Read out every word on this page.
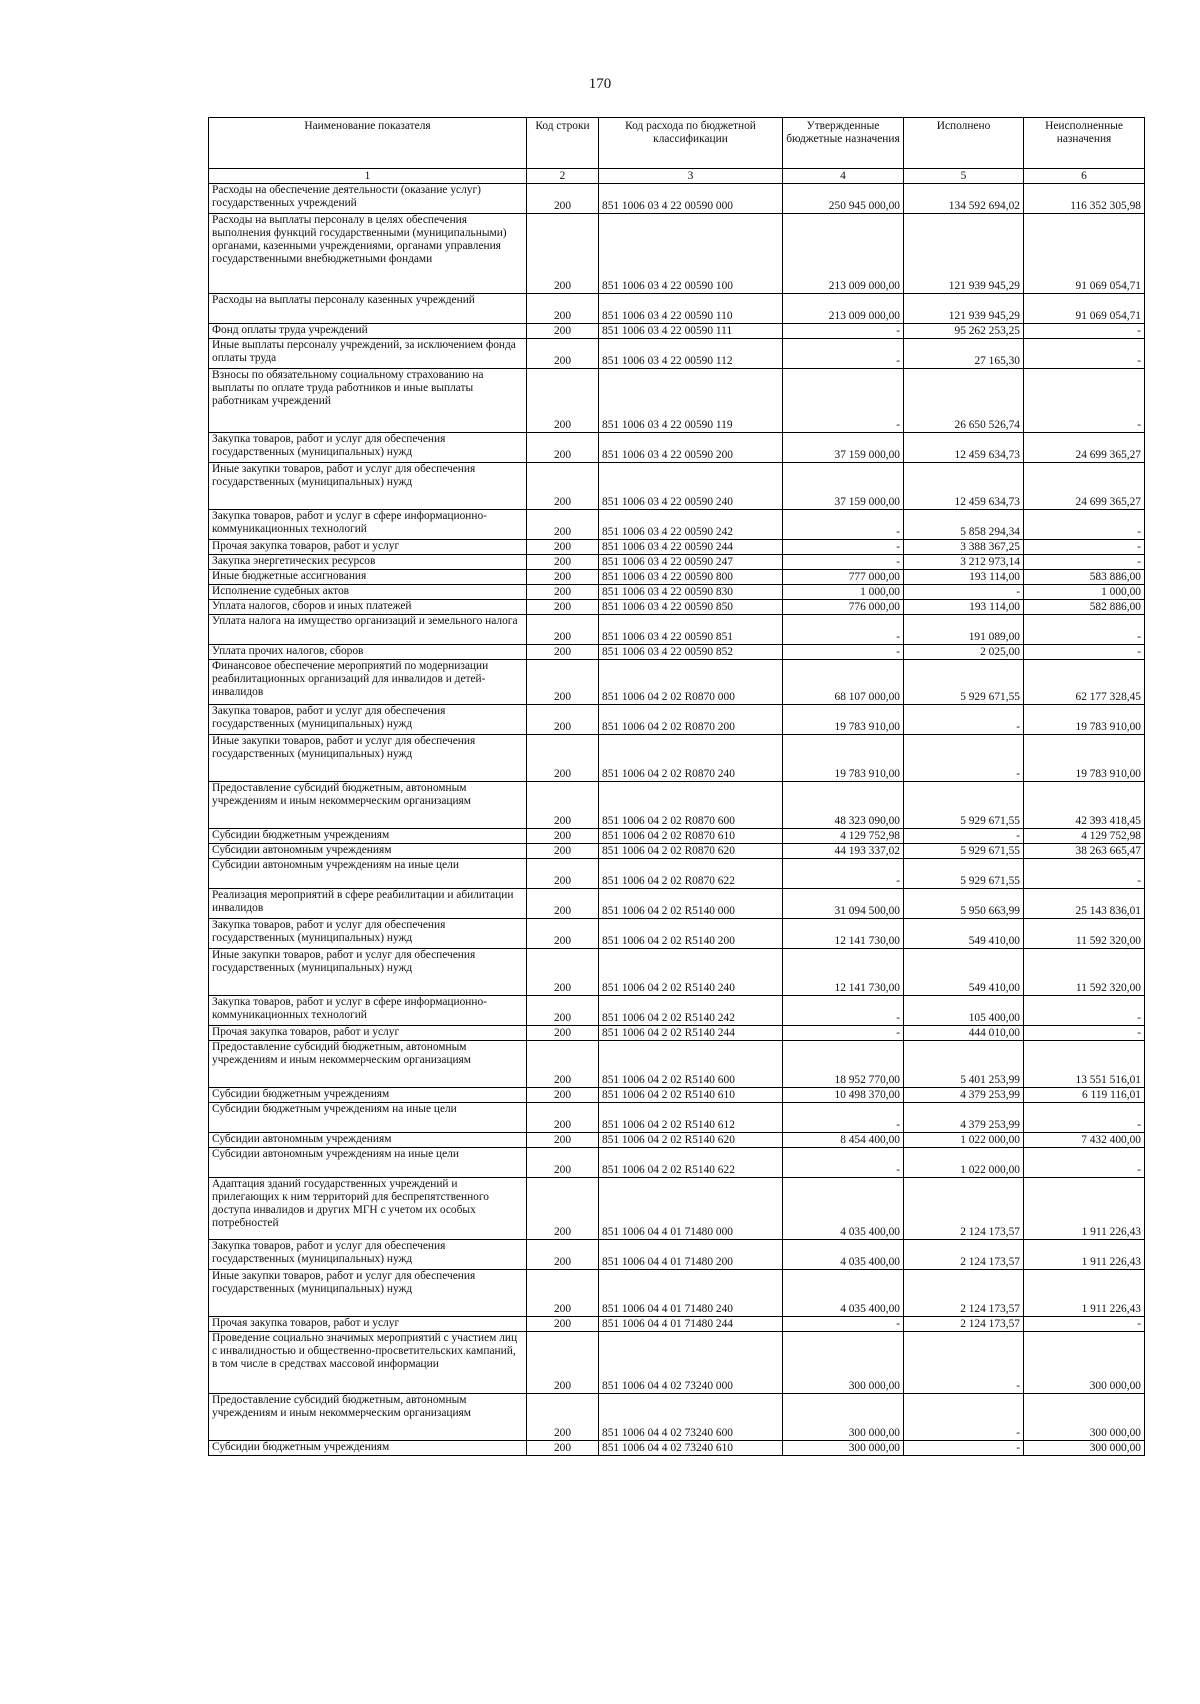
170
Наименование показателя	Код строки	Код расхода по бюджетной классификации	Утвержденные бюджетные назначения	Исполнено	Неисполненные назначения
1	2	3	4	5	6
Расходы на обеспечение деятельности (оказание услуг) государственных учреждений	200	851 1006 03 4 22 00590 000	250 945 000,00	134 592 694,02	116 352 305,98
Расходы на выплаты персоналу в целях обеспечения выполнения функций государственными (муниципальными) органами, казенными учреждениями, органами управления государственными внебюджетными фондами	200	851 1006 03 4 22 00590 100	213 009 000,00	121 939 945,29	91 069 054,71
Расходы на выплаты персоналу казенных учреждений	200	851 1006 03 4 22 00590 110	213 009 000,00	121 939 945,29	91 069 054,71
Фонд оплаты труда учреждений	200	851 1006 03 4 22 00590 111	-	95 262 253,25	-
Иные выплаты персоналу учреждений, за исключением фонда оплаты труда	200	851 1006 03 4 22 00590 112	-	27 165,30	-
Взносы по обязательному социальному страхованию на выплаты по оплате труда работников и иные выплаты работникам учреждений	200	851 1006 03 4 22 00590 119	-	26 650 526,74	-
Закупка товаров, работ и услуг для обеспечения государственных (муниципальных) нужд	200	851 1006 03 4 22 00590 200	37 159 000,00	12 459 634,73	24 699 365,27
Иные закупки товаров, работ и услуг для обеспечения государственных (муниципальных) нужд	200	851 1006 03 4 22 00590 240	37 159 000,00	12 459 634,73	24 699 365,27
Закупка товаров, работ и услуг в сфере информационно-коммуникационных технологий	200	851 1006 03 4 22 00590 242	-	5 858 294,34	-
Прочая закупка товаров, работ и услуг	200	851 1006 03 4 22 00590 244	-	3 388 367,25	-
Закупка энергетических ресурсов	200	851 1006 03 4 22 00590 247	-	3 212 973,14	-
Иные бюджетные ассигнования	200	851 1006 03 4 22 00590 800	777 000,00	193 114,00	583 886,00
Исполнение судебных актов	200	851 1006 03 4 22 00590 830	1 000,00	-	1 000,00
Уплата налогов, сборов и иных платежей	200	851 1006 03 4 22 00590 850	776 000,00	193 114,00	582 886,00
Уплата налога на имущество организаций и земельного налога	200	851 1006 03 4 22 00590 851	-	191 089,00	-
Уплата прочих налогов, сборов	200	851 1006 03 4 22 00590 852	-	2 025,00	-
Финансовое обеспечение мероприятий по модернизации реабилитационных организаций для инвалидов и детей-инвалидов	200	851 1006 04 2 02 R0870 000	68 107 000,00	5 929 671,55	62 177 328,45
Закупка товаров, работ и услуг для обеспечения государственных (муниципальных) нужд	200	851 1006 04 2 02 R0870 200	19 783 910,00	-	19 783 910,00
Иные закупки товаров, работ и услуг для обеспечения государственных (муниципальных) нужд	200	851 1006 04 2 02 R0870 240	19 783 910,00	-	19 783 910,00
Предоставление субсидий бюджетным, автономным учреждениям и иным некоммерческим организациям	200	851 1006 04 2 02 R0870 600	48 323 090,00	5 929 671,55	42 393 418,45
Субсидии бюджетным учреждениям	200	851 1006 04 2 02 R0870 610	4 129 752,98	-	4 129 752,98
Субсидии автономным учреждениям	200	851 1006 04 2 02 R0870 620	44 193 337,02	5 929 671,55	38 263 665,47
Субсидии автономным учреждениям на иные цели	200	851 1006 04 2 02 R0870 622	-	5 929 671,55	-
Реализация мероприятий в сфере реабилитации и абилитации инвалидов	200	851 1006 04 2 02 R5140 000	31 094 500,00	5 950 663,99	25 143 836,01
Закупка товаров, работ и услуг для обеспечения государственных (муниципальных) нужд	200	851 1006 04 2 02 R5140 200	12 141 730,00	549 410,00	11 592 320,00
Иные закупки товаров, работ и услуг для обеспечения государственных (муниципальных) нужд	200	851 1006 04 2 02 R5140 240	12 141 730,00	549 410,00	11 592 320,00
Закупка товаров, работ и услуг в сфере информационно-коммуникационных технологий	200	851 1006 04 2 02 R5140 242	-	105 400,00	-
Прочая закупка товаров, работ и услуг	200	851 1006 04 2 02 R5140 244	-	444 010,00	-
Предоставление субсидий бюджетным, автономным учреждениям и иным некоммерческим организациям	200	851 1006 04 2 02 R5140 600	18 952 770,00	5 401 253,99	13 551 516,01
Субсидии бюджетным учреждениям	200	851 1006 04 2 02 R5140 610	10 498 370,00	4 379 253,99	6 119 116,01
Субсидии бюджетным учреждениям на иные цели	200	851 1006 04 2 02 R5140 612	-	4 379 253,99	-
Субсидии автономным учреждениям	200	851 1006 04 2 02 R5140 620	8 454 400,00	1 022 000,00	7 432 400,00
Субсидии автономным учреждениям на иные цели	200	851 1006 04 2 02 R5140 622	-	1 022 000,00	-
Адаптация зданий государственных учреждений и прилегающих к ним территорий для беспрепятственного доступа инвалидов и других МГН с учетом их особых потребностей	200	851 1006 04 4 01 71480 000	4 035 400,00	2 124 173,57	1 911 226,43
Закупка товаров, работ и услуг для обеспечения государственных (муниципальных) нужд	200	851 1006 04 4 01 71480 200	4 035 400,00	2 124 173,57	1 911 226,43
Иные закупки товаров, работ и услуг для обеспечения государственных (муниципальных) нужд	200	851 1006 04 4 01 71480 240	4 035 400,00	2 124 173,57	1 911 226,43
Прочая закупка товаров, работ и услуг	200	851 1006 04 4 01 71480 244	-	2 124 173,57	-
Проведение социально значимых мероприятий с участием лиц с инвалидностью и общественно-просветительских кампаний, в том числе в средствах массовой информации	200	851 1006 04 4 02 73240 000	300 000,00	-	300 000,00
Предоставление субсидий бюджетным, автономным учреждениям и иным некоммерческим организациям	200	851 1006 04 4 02 73240 600	300 000,00	-	300 000,00
Субсидии бюджетным учреждениям	200	851 1006 04 4 02 73240 610	300 000,00	-	300 000,00
